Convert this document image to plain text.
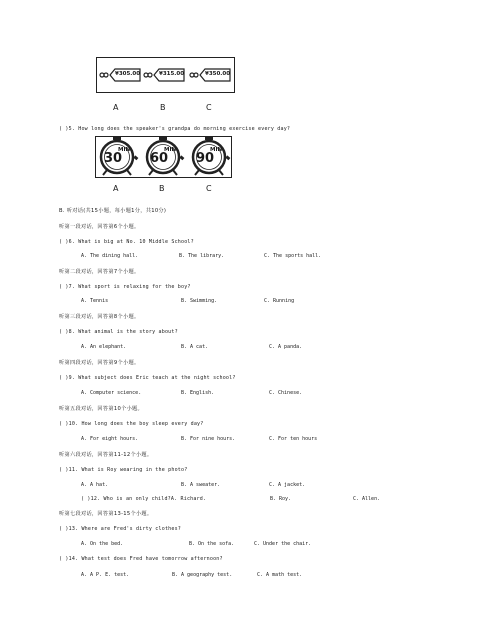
¥305.00	¥315.00	¥350.00
A	B	C
( )5. How long does the speaker's grandpa do morning exercise every day?
30
MIN
60
MIN
90
MIN
A	B	C
B. 听对话(共15小题，每小题1分，共10分)
听第一段对话，回答第6个小题。
( )6. What is big at No. 10 Middle School?
A. The dining hall.	B. The library.	C. The sports hall.
听第二段对话，回答第7个小题。
( )7. What sport is relaxing for the boy?
A. Tennis	B. Swimming.	C. Running
听第三段对话，回答第8个小题。
( )8. What animal is the story about?
A. An elephant.	B. A cat.	C. A panda.
听第四段对话，回答第9个小题。
( )9. What subject does Eric teach at the night school?
A. Computer science.	B. English.	C. Chinese.
听第五段对话，回答第10个小题。
( )10. How long does the boy sleep every day?
A. For eight hours.	B. For nine hours.	C. For ten hours
听第六段对话，回答第11-12个小题。
( )11. What is Roy wearing in the photo?
A. A hat.	B. A sweater.	C. A jacket.
( )12. Who is an only child?A. Richard.	B. Roy.	C. Allen.
听第七段对话，回答第13-15个小题。
( )13. Where are Fred's dirty clothes?
A. On the bed.	B. On the sofa.	C. Under the chair.
( )14. What test does Fred have tomorrow afternoon?
A. A P. E. test.	B. A geography test.	C. A math test.
